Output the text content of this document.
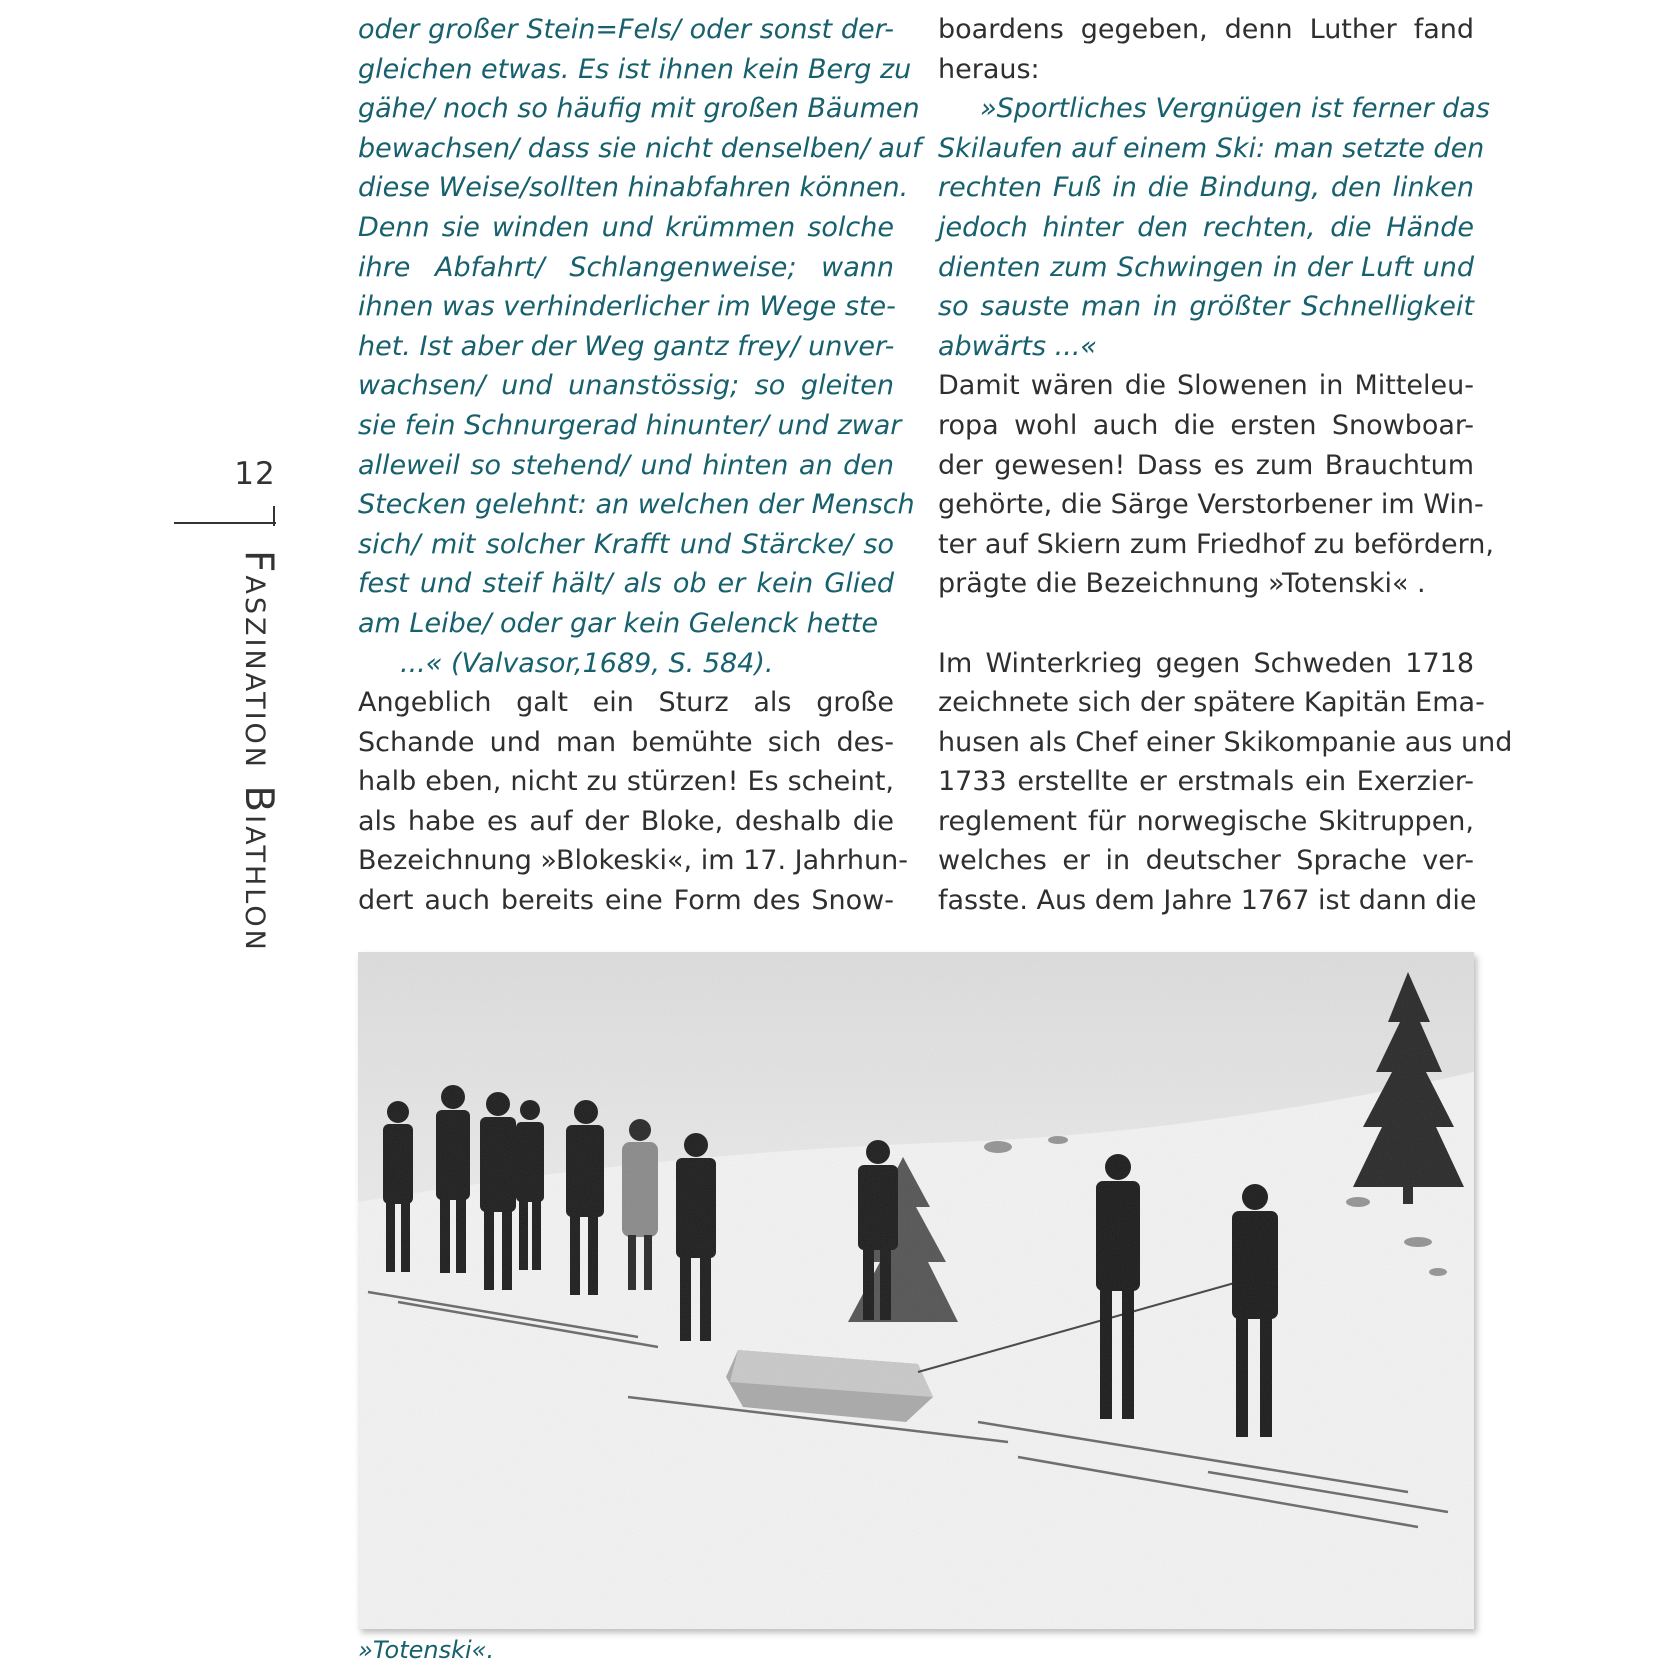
12
Faszination Biathlon
oder großer Stein=Fels/ oder sonst der-
gleichen etwas. Es ist ihnen kein Berg zu
gähe/ noch so häufig mit großen Bäumen
bewachsen/ dass sie nicht denselben/ auf
diese Weise/sollten hinabfahren können.
Denn sie winden und krümmen solche
ihre Abfahrt/ Schlangenweise; wann
ihnen was verhinderlicher im Wege ste-
het. Ist aber der Weg gantz frey/ unver-
wachsen/ und unanstössig; so gleiten
sie fein Schnurgerad hinunter/ und zwar
alleweil so stehend/ und hinten an den
Stecken gelehnt: an welchen der Mensch
sich/ mit solcher Krafft und Stärcke/ so
fest und steif hält/ als ob er kein Glied
am Leibe/ oder gar kein Gelenck hette
...« (Valvasor,1689, S. 584).
Angeblich galt ein Sturz als große
Schande und man bemühte sich des-
halb eben, nicht zu stürzen! Es scheint,
als habe es auf der Bloke, deshalb die
Bezeichnung »Blokeski«, im 17. Jahrhun-
dert auch bereits eine Form des Snow-
boardens gegeben, denn Luther fand
heraus:
»Sportliches Vergnügen ist ferner das
Skilaufen auf einem Ski: man setzte den
rechten Fuß in die Bindung, den linken
jedoch hinter den rechten, die Hände
dienten zum Schwingen in der Luft und
so sauste man in größter Schnelligkeit
abwärts ...«
Damit wären die Slowenen in Mitteleu-
ropa wohl auch die ersten Snowboar-
der gewesen! Dass es zum Brauchtum
gehörte, die Särge Verstorbener im Win-
ter auf Skiern zum Friedhof zu befördern,
prägte die Bezeichnung »Totenski« .
Im Winterkrieg gegen Schweden 1718
zeichnete sich der spätere Kapitän Ema-
husen als Chef einer Skikompanie aus und
1733 erstellte er erstmals ein Exerzier-
reglement für norwegische Skitruppen,
welches er in deutscher Sprache ver-
fasste. Aus dem Jahre 1767 ist dann die
»Totenski«.
